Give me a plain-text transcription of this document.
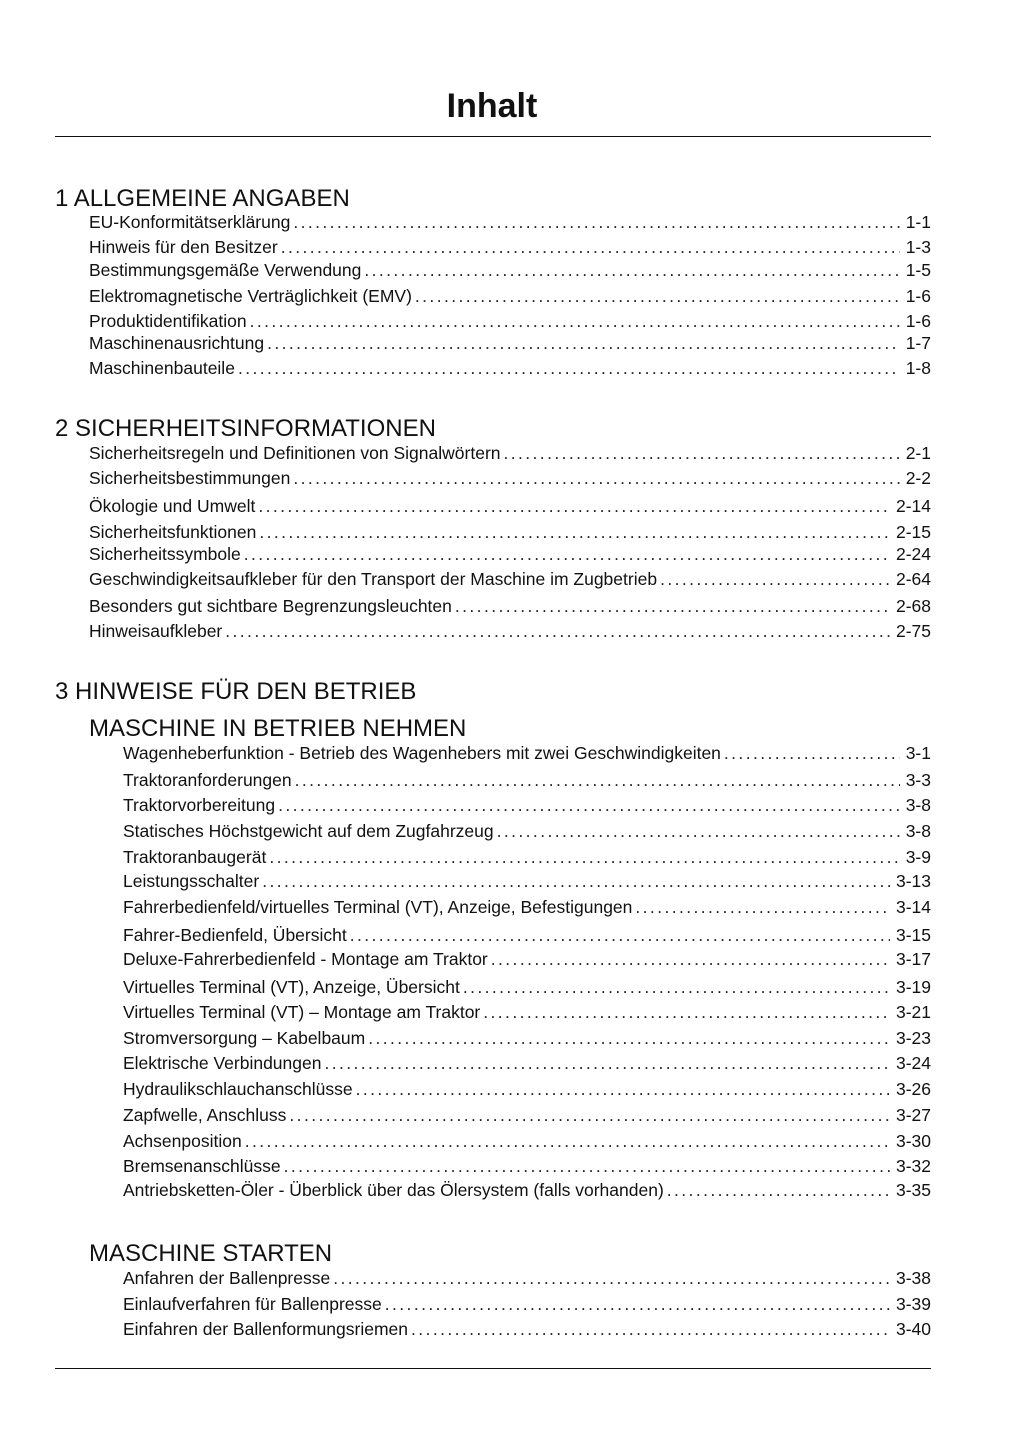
Inhalt
1 ALLGEMEINE ANGABEN
EU-Konformitätserklärung .....	1-1
Hinweis für den Besitzer .....	1-3
Bestimmungsgemäße Verwendung .....	1-5
Elektromagnetische Verträglichkeit (EMV) .....	1-6
Produktidentifikation .....	1-6
Maschinenausrichtung .....	1-7
Maschinenbauteile .....	1-8
2 SICHERHEITSINFORMATIONEN
Sicherheitsregeln und Definitionen von Signalwörtern .....	2-1
Sicherheitsbestimmungen .....	2-2
Ökologie und Umwelt .....	2-14
Sicherheitsfunktionen .....	2-15
Sicherheitssymbole .....	2-24
Geschwindigkeitsaufkleber für den Transport der Maschine im Zugbetrieb .....	2-64
Besonders gut sichtbare Begrenzungsleuchten .....	2-68
Hinweisaufkleber .....	2-75
3 HINWEISE FÜR DEN BETRIEB
MASCHINE IN BETRIEB NEHMEN
Wagenheberfunktion - Betrieb des Wagenhebers mit zwei Geschwindigkeiten .....	3-1
Traktoranforderungen .....	3-3
Traktorvorbereitung .....	3-8
Statisches Höchstgewicht auf dem Zugfahrzeug .....	3-8
Traktoranbaugerät .....	3-9
Leistungsschalter .....	3-13
Fahrerbedienfeld/virtuelles Terminal (VT), Anzeige, Befestigungen .....	3-14
Fahrer-Bedienfeld, Übersicht .....	3-15
Deluxe-Fahrerbedienfeld - Montage am Traktor .....	3-17
Virtuelles Terminal (VT), Anzeige, Übersicht .....	3-19
Virtuelles Terminal (VT) – Montage am Traktor .....	3-21
Stromversorgung – Kabelbaum .....	3-23
Elektrische Verbindungen .....	3-24
Hydraulikschlauchanschlüsse .....	3-26
Zapfwelle, Anschluss .....	3-27
Achsenposition .....	3-30
Bremsenanschlüsse .....	3-32
Antriebsketten-Öler - Überblick über das Ölersystem (falls vorhanden) .....	3-35
MASCHINE STARTEN
Anfahren der Ballenpresse .....	3-38
Einlaufverfahren für Ballenpresse .....	3-39
Einfahren der Ballenformungsriemen .....	3-40
